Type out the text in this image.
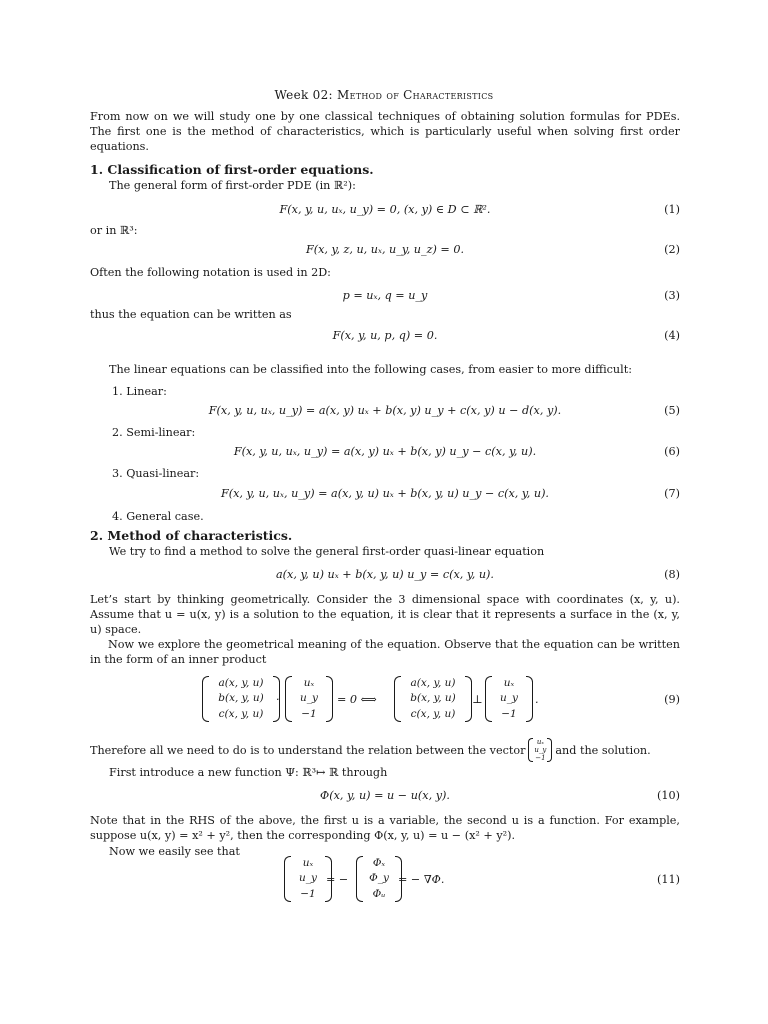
Week 02: Method of Characteristics
From now on we will study one by one classical techniques of obtaining solution formulas for PDEs. The first one is the method of characteristics, which is particularly useful when solving first order equations.
1. Classification of first-order equations.
The general form of first-order PDE (in ℝ²):
F(x, y, u, uₓ, u_y) = 0, (x, y) ∈ D ⊂ ℝ².	(1)
or in ℝ³:
F(x, y, z, u, uₓ, u_y, u_z) = 0.	(2)
Often the following notation is used in 2D:
p = uₓ, q = u_y	(3)
thus the equation can be written as
F(x, y, u, p, q) = 0.	(4)
The linear equations can be classified into the following cases, from easier to more difficult:
1. Linear:
F(x, y, u, uₓ, u_y) = a(x, y) uₓ + b(x, y) u_y + c(x, y) u − d(x, y).	(5)
2. Semi-linear:
F(x, y, u, uₓ, u_y) = a(x, y) uₓ + b(x, y) u_y − c(x, y, u).	(6)
3. Quasi-linear:
F(x, y, u, uₓ, u_y) = a(x, y, u) uₓ + b(x, y, u) u_y − c(x, y, u).	(7)
4. General case.
2. Method of characteristics.
We try to find a method to solve the general first-order quasi-linear equation
a(x, y, u) uₓ + b(x, y, u) u_y = c(x, y, u).	(8)
Let’s start by thinking geometrically. Consider the 3 dimensional space with coordinates (x, y, u). Assume that u = u(x, y) is a solution to the equation, it is clear that it represents a surface in the (x, y, u) space.
Now we explore the geometrical meaning of the equation. Observe that the equation can be written in the form of an inner product
a(x, y, u)
b(x, y, u)
c(x, y, u)
·
uₓ
u_y
−1
= 0 ⟺
a(x, y, u)
b(x, y, u)
c(x, y, u)
⊥
uₓ
u_y
−1
.	(9)
Therefore all we need to do is to understand the relation between the vector
uₓ
u_y
−1
and the solution.
First introduce a new function Ψ: ℝ³↦ ℝ through
Φ(x, y, u) = u − u(x, y).	(10)
Note that in the RHS of the above, the first u is a variable, the second u is a function. For example, suppose u(x, y) = x² + y², then the corresponding Φ(x, y, u) = u − (x² + y²).
Now we easily see that
uₓ
u_y
−1
= −
Φₓ
Φ_y
Φᵤ
= − ∇Φ.	(11)
